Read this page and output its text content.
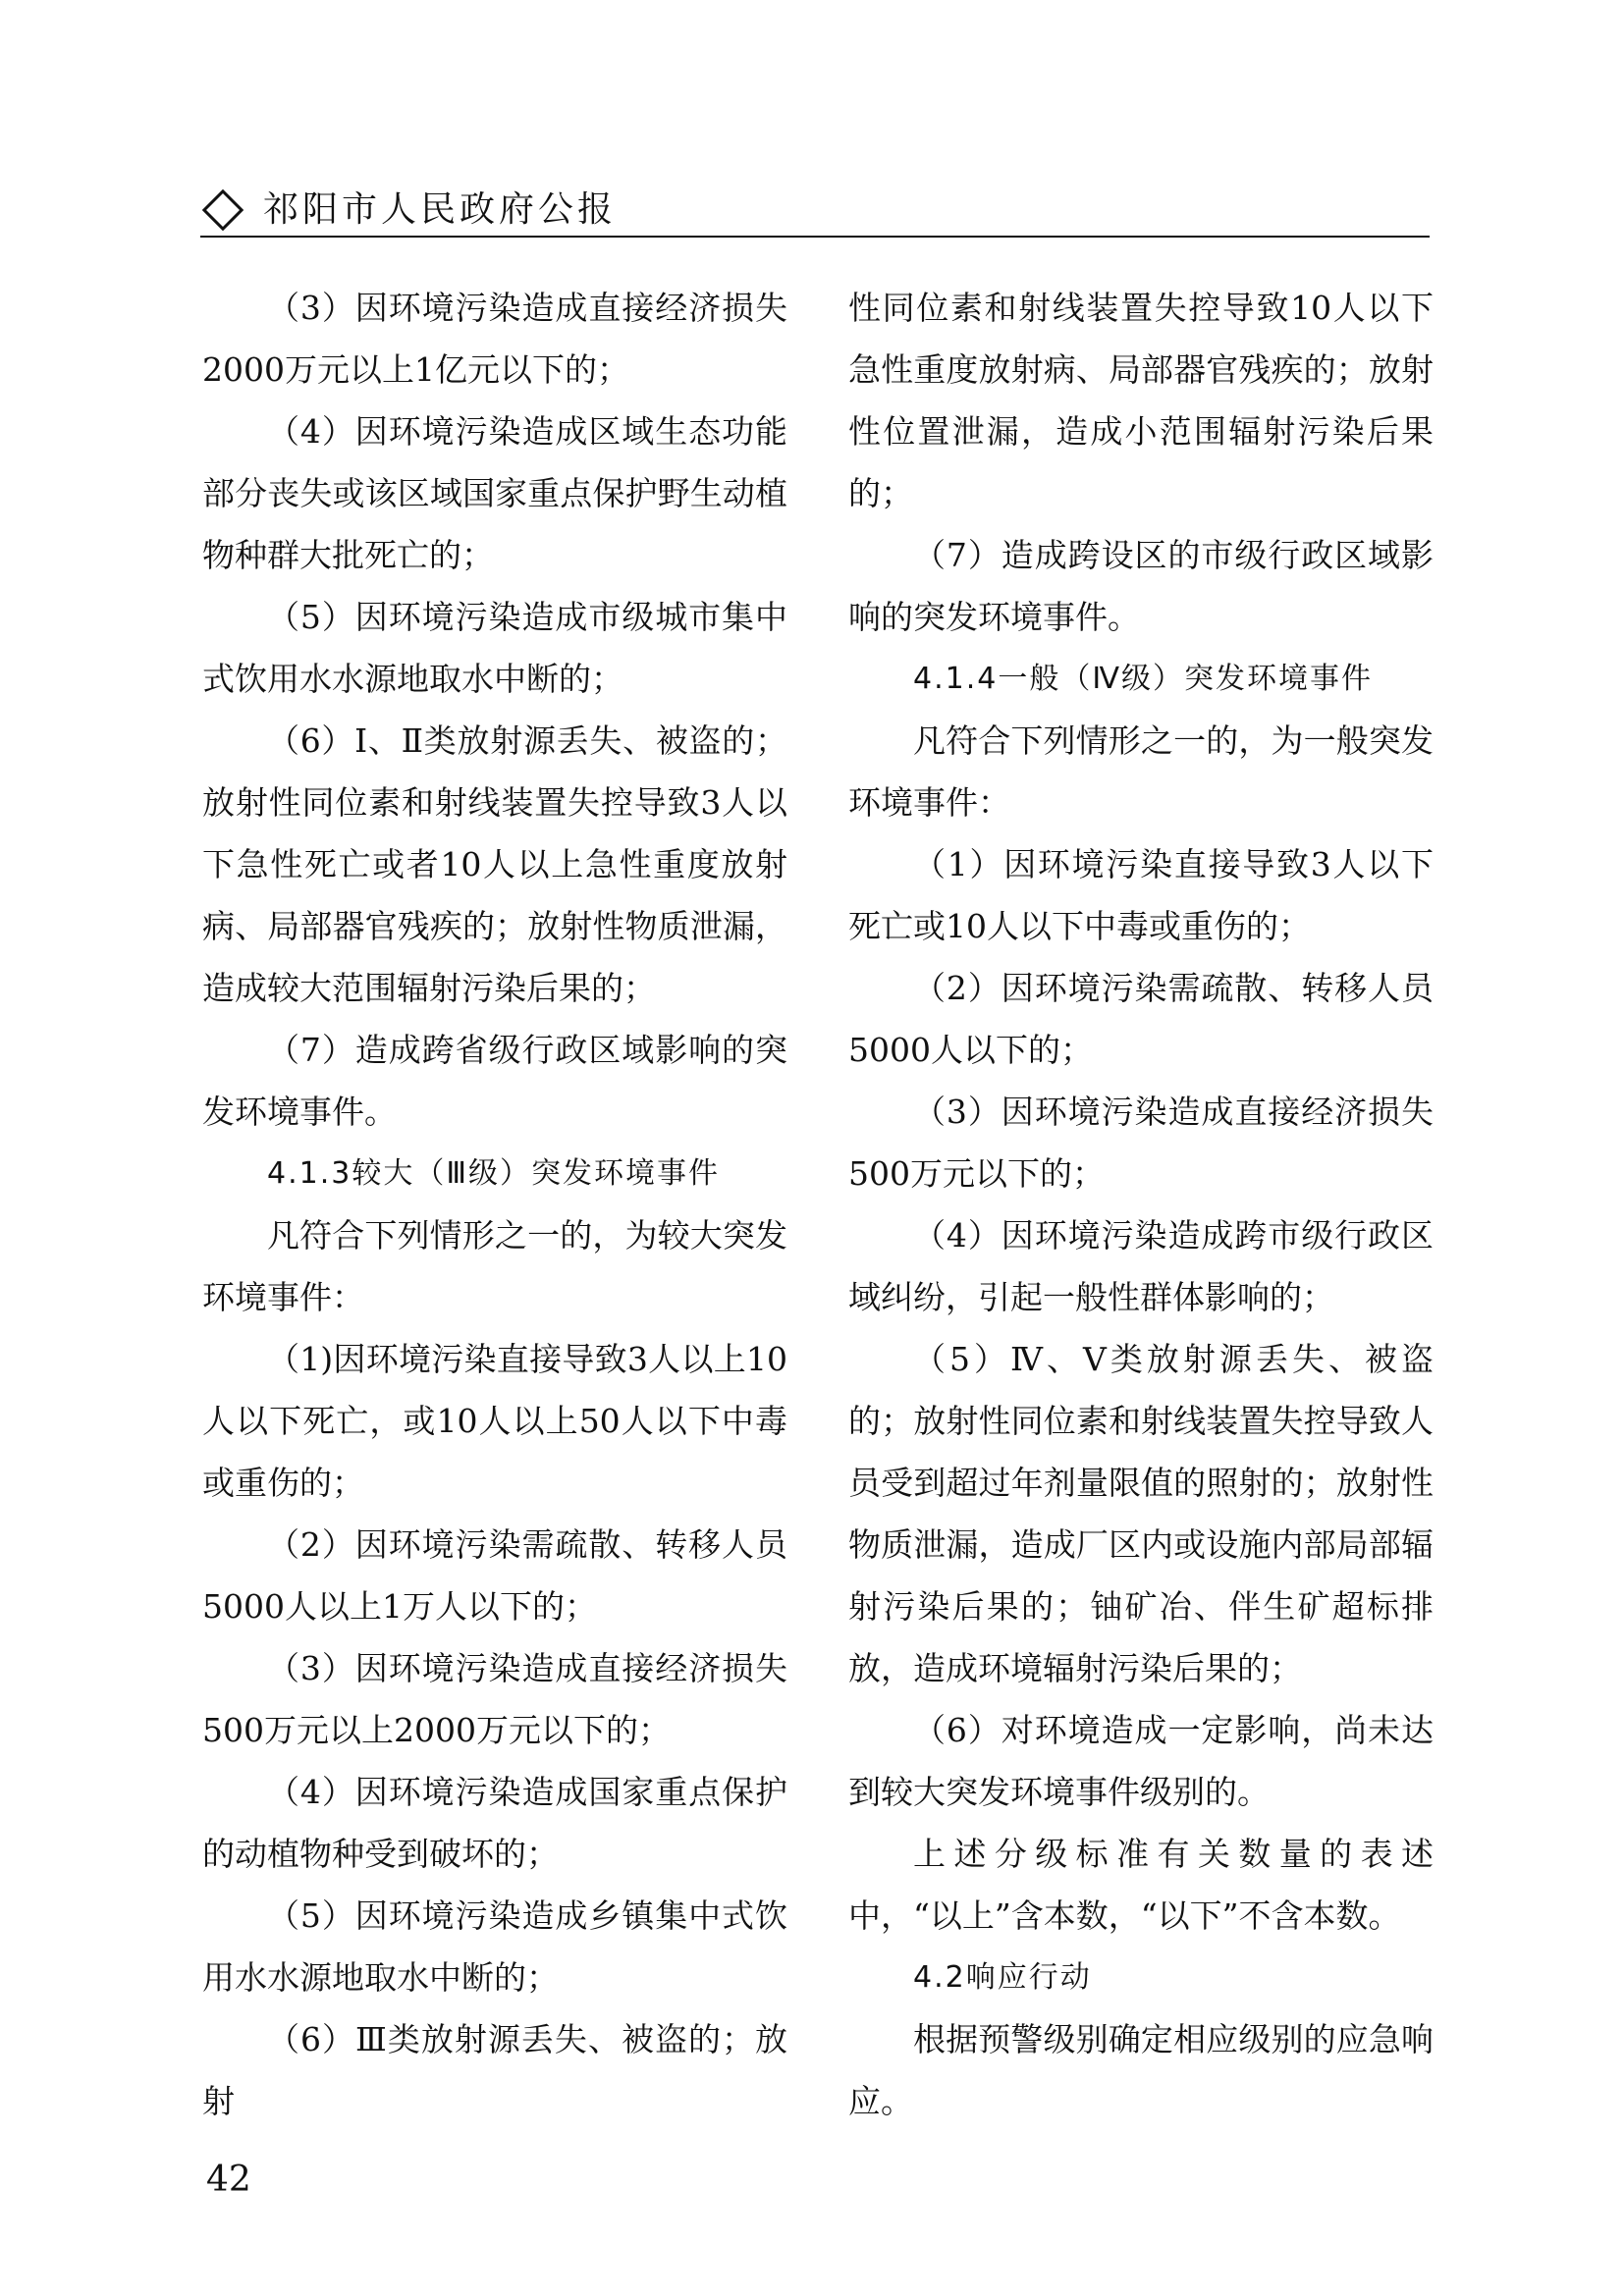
祁阳市人民政府公报

（3）因环境污染造成直接经济损失2000万元以上1亿元以下的；

（4）因环境污染造成区域生态功能部分丧失或该区域国家重点保护野生动植物种群大批死亡的；

（5）因环境污染造成市级城市集中式饮用水水源地取水中断的；

（6）Ⅰ、Ⅱ类放射源丢失、被盗的；放射性同位素和射线装置失控导致3人以下急性死亡或者10人以上急性重度放射病、局部器官残疾的；放射性物质泄漏，造成较大范围辐射污染后果的；

（7）造成跨省级行政区域影响的突发环境事件。

4.1.3较大（Ⅲ级）突发环境事件

凡符合下列情形之一的，为较大突发环境事件：

（1)因环境污染直接导致3人以上10人以下死亡，或10人以上50人以下中毒或重伤的；

（2）因环境污染需疏散、转移人员5000人以上1万人以下的；

（3）因环境污染造成直接经济损失500万元以上2000万元以下的；

（4）因环境污染造成国家重点保护的动植物种受到破坏的；

（5）因环境污染造成乡镇集中式饮用水水源地取水中断的；

（6）Ⅲ类放射源丢失、被盗的；放射

性同位素和射线装置失控导致10人以下急性重度放射病、局部器官残疾的；放射性位置泄漏，造成小范围辐射污染后果的；

（7）造成跨设区的市级行政区域影响的突发环境事件。

4.1.4一般（Ⅳ级）突发环境事件

凡符合下列情形之一的，为一般突发环境事件：

（1）因环境污染直接导致3人以下死亡或10人以下中毒或重伤的；

（2）因环境污染需疏散、转移人员5000人以下的；

（3）因环境污染造成直接经济损失500万元以下的；

（4）因环境污染造成跨市级行政区域纠纷，引起一般性群体影响的；

（5）Ⅳ、Ⅴ类放射源丢失、被盗的；放射性同位素和射线装置失控导致人员受到超过年剂量限值的照射的；放射性物质泄漏，造成厂区内或设施内部局部辐射污染后果的；铀矿冶、伴生矿超标排放，造成环境辐射污染后果的；

（6）对环境造成一定影响，尚未达到较大突发环境事件级别的。

上述分级标准有关数量的表述中，“以上”含本数，“以下”不含本数。

4.2响应行动

根据预警级别确定相应级别的应急响应。

42
